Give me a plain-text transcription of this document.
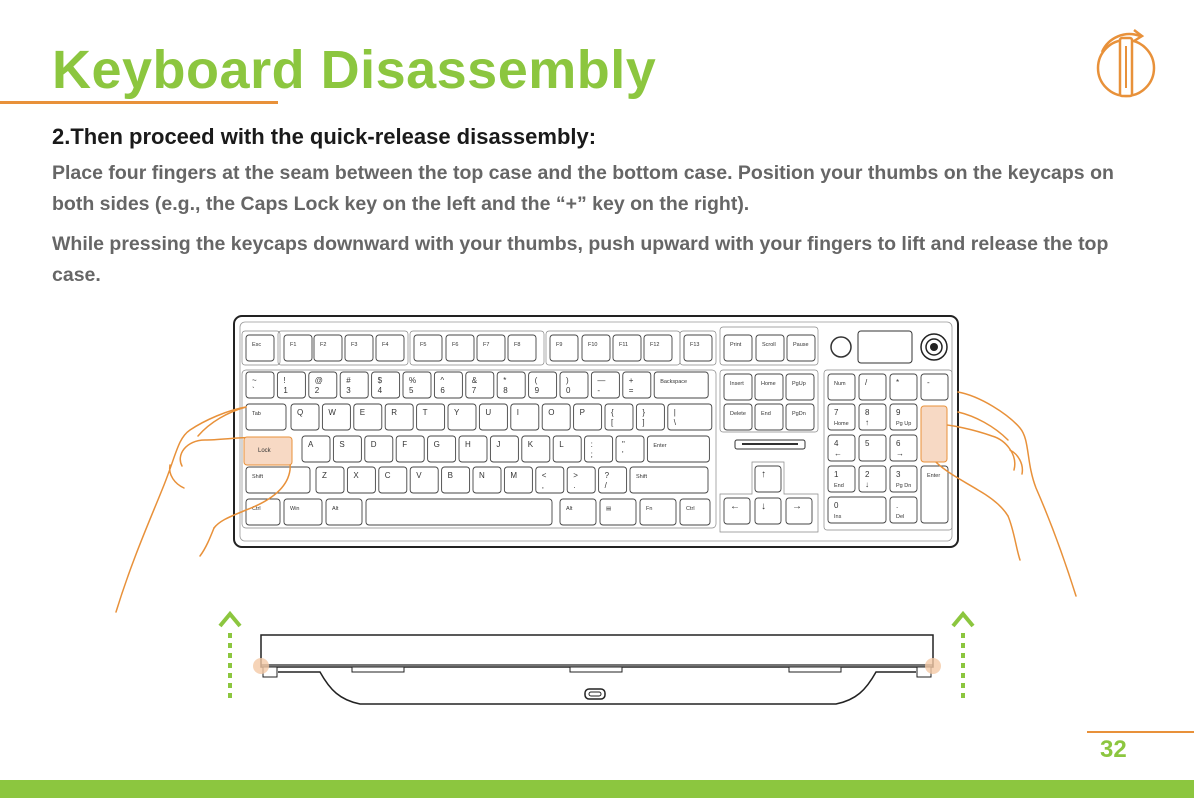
Keyboard Disassembly
2.Then proceed with the quick-release disassembly:

Place four fingers at the seam between the top case and the bottom case. Position your thumbs on the keycaps on both sides (e.g., the Caps Lock key on the left and the “+” key on the right).

While pressing the keycaps downward with your thumbs, push upward with your fingers to lift and release the top case.

Esc	F1	F2	F3	F4	F5	F6	F7	F8	F9	F10	F11	F12	F13	Print	Scroll	Pause
~
`
!
1
@
2
#
3
$
4
%
5
^
6
&
7
*
8
(
9
)
0
—
-
+
=
Backspace
Tab	Q	W	E	R	T	Y	U	I	O	P	{
[
}
]
|
\
A	S	D	F	G	H	J	K	L	:
;
"
'
Enter
Shift	Z	X	C	V	B	N	M	<
,
>
.
?
/
Shift
Ctrl	Win	Alt	Alt	▤	Fn	Ctrl
Insert	Home	PgUp
Delete	End	PgDn
↑
← ↓	→
Num /	*	-
7
Home
8
↑
9
Pg Up
4
←
5	6
→
1
End
2
↓
3
Pg Dn
0
Ins
.
Del
Enter
Lock
32
